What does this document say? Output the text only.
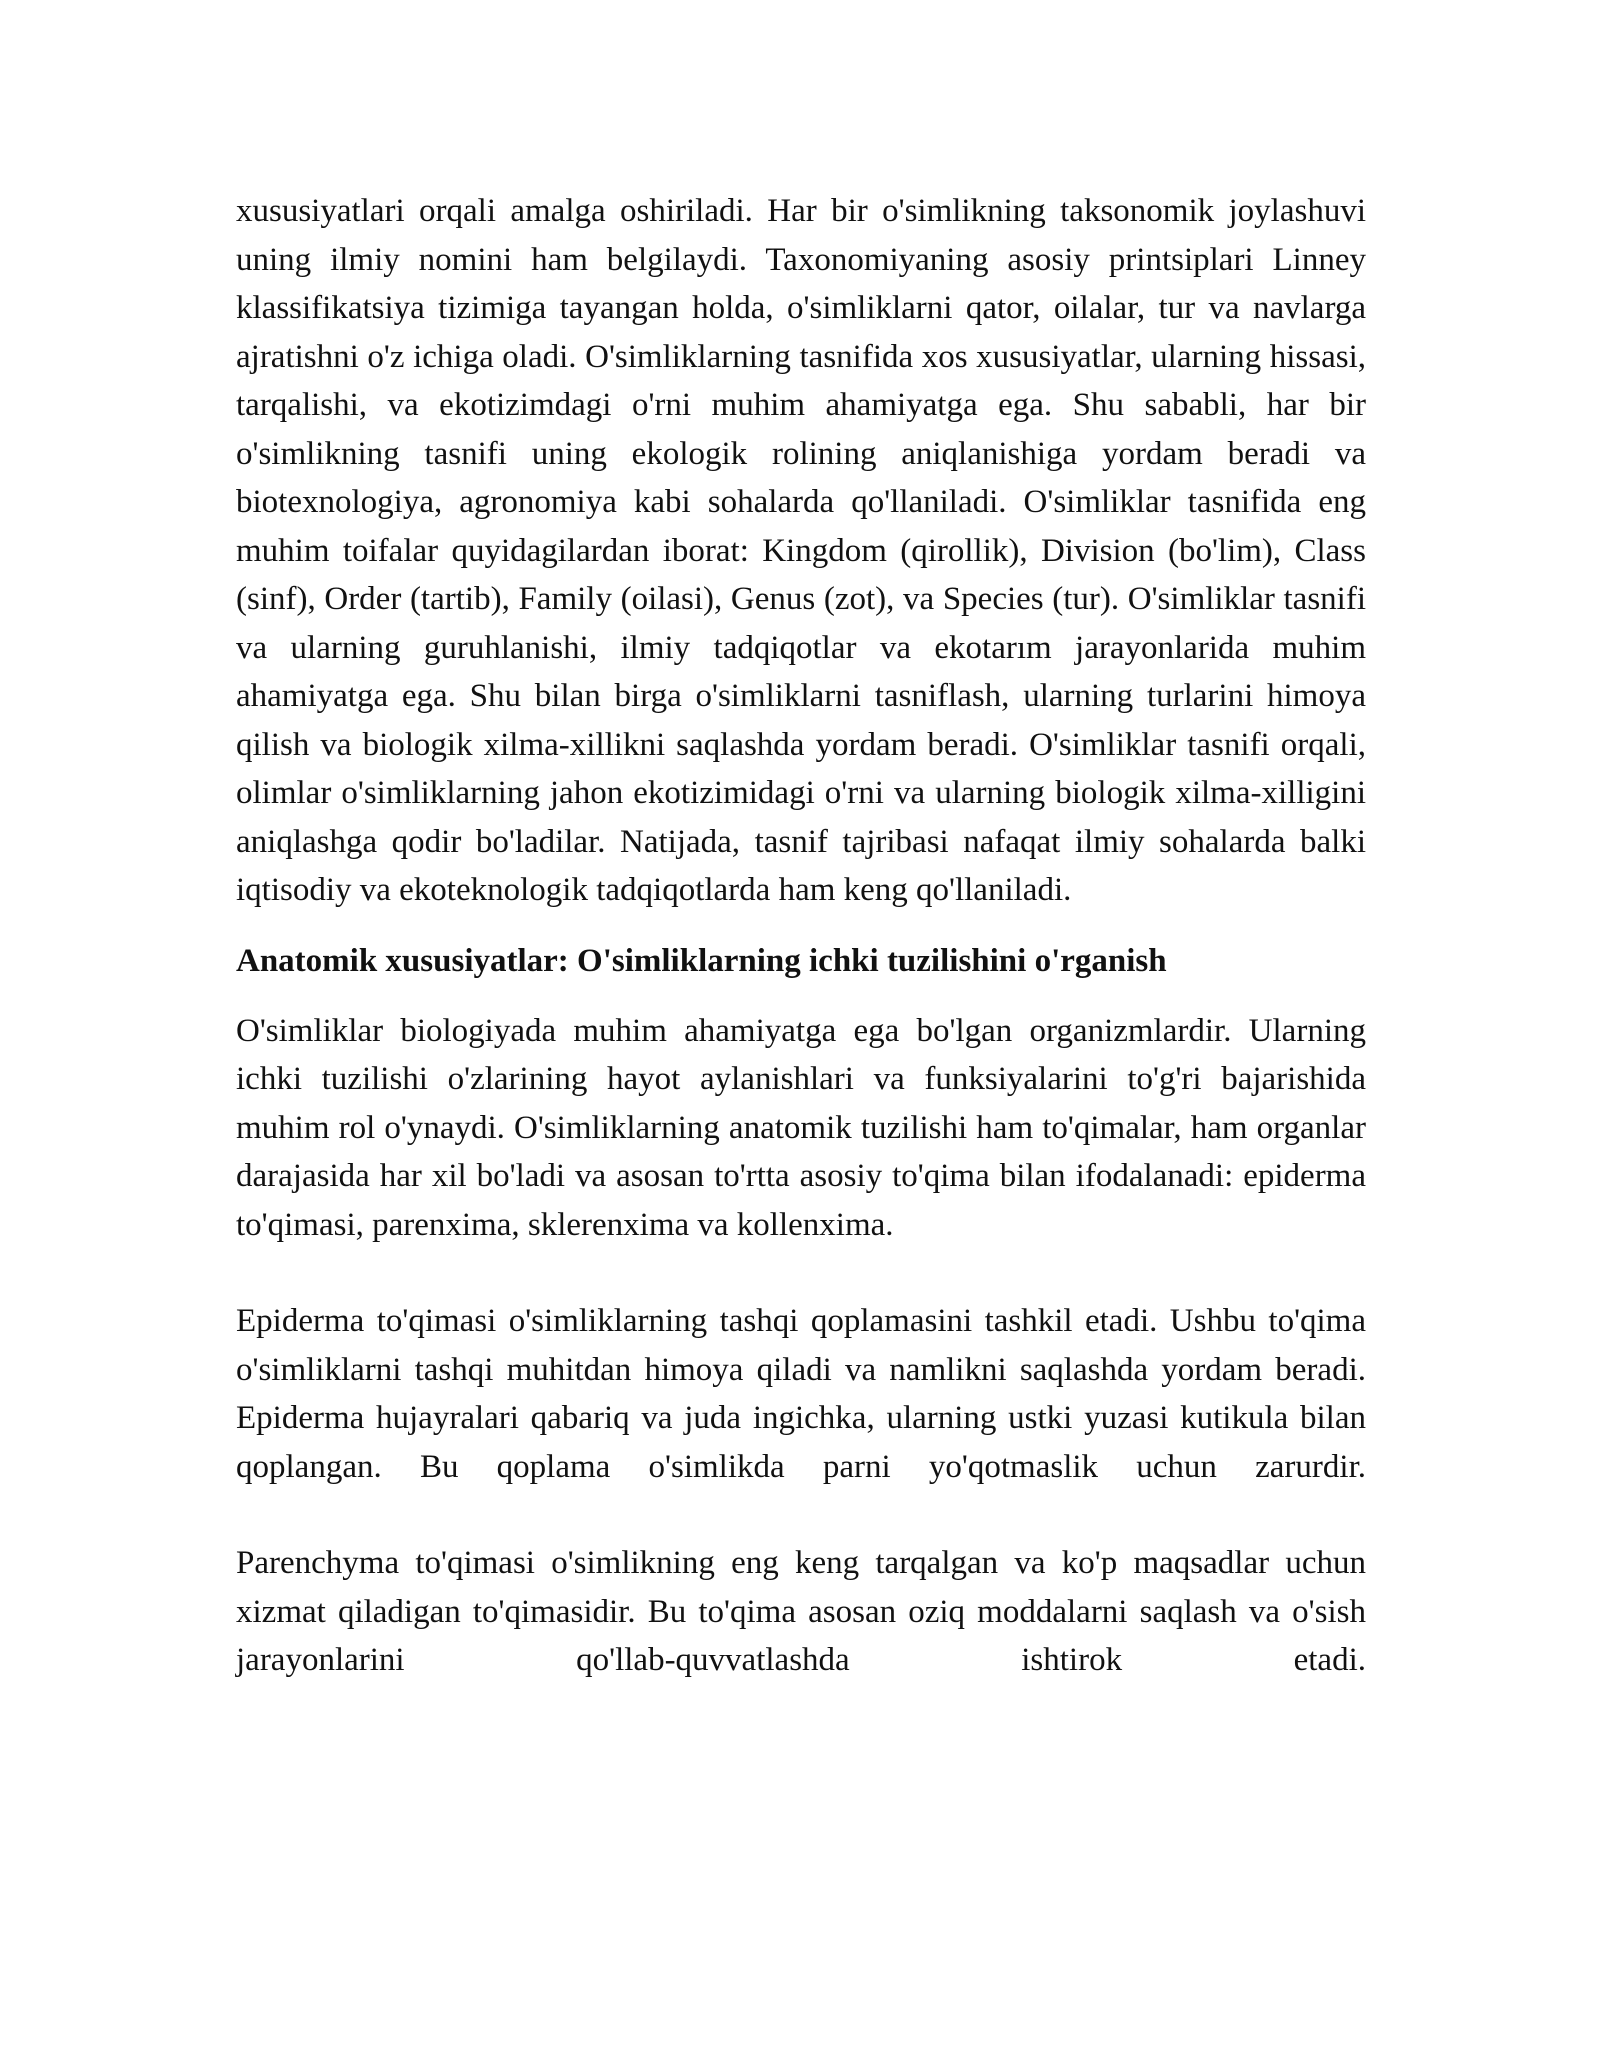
xususiyatlari orqali amalga oshiriladi. Har bir o'simlikning taksonomik joylashuvi uning ilmiy nomini ham belgilaydi. Taxonomiyaning asosiy printsiplari Linney klassifikatsiya tizimiga tayangan holda, o'simliklarni qator, oilalar, tur va navlarga ajratishni o'z ichiga oladi. O'simliklarning tasnifida xos xususiyatlar, ularning hissasi, tarqalishi, va ekotizimdagi o'rni muhim ahamiyatga ega. Shu sababli, har bir o'simlikning tasnifi uning ekologik rolining aniqlanishiga yordam beradi va biotexnologiya, agronomiya kabi sohalarda qo'llaniladi. O'simliklar tasnifida eng muhim toifalar quyidagilardan iborat: Kingdom (qirollik), Division (bo'lim), Class (sinf), Order (tartib), Family (oilasi), Genus (zot), va Species (tur). O'simliklar tasnifi va ularning guruhlanishi, ilmiy tadqiqotlar va ekotarım jarayonlarida muhim ahamiyatga ega. Shu bilan birga o'simliklarni tasniflash, ularning turlarini himoya qilish va biologik xilma-xillikni saqlashda yordam beradi. O'simliklar tasnifi orqali, olimlar o'simliklarning jahon ekotizimidagi o'rni va ularning biologik xilma-xilligini aniqlashga qodir bo'ladilar. Natijada, tasnif tajribasi nafaqat ilmiy sohalarda balki iqtisodiy va ekoteknologik tadqiqotlarda ham keng qo'llaniladi.

Anatomik xususiyatlar: O'simliklarning ichki tuzilishini o'rganish

O'simliklar biologiyada muhim ahamiyatga ega bo'lgan organizmlardir. Ularning ichki tuzilishi o'zlarining hayot aylanishlari va funksiyalarini to'g'ri bajarishida muhim rol o'ynaydi. O'simliklarning anatomik tuzilishi ham to'qimalar, ham organlar darajasida har xil bo'ladi va asosan to'rtta asosiy to'qima bilan ifodalanadi: epiderma to'qimasi, parenxima, sklerenxima va kollenxima.

Epiderma to'qimasi o'simliklarning tashqi qoplamasini tashkil etadi. Ushbu to'qima o'simliklarni tashqi muhitdan himoya qiladi va namlikni saqlashda yordam beradi. Epiderma hujayralari qabariq va juda ingichka, ularning ustki yuzasi kutikula bilan qoplangan. Bu qoplama o'simlikda parni yo'qotmaslik uchun zarurdir.

Parenchyma to'qimasi o'simlikning eng keng tarqalgan va ko'p maqsadlar uchun xizmat qiladigan to'qimasidir. Bu to'qima asosan oziq moddalarni saqlash va o'sish jarayonlarini qo'llab-quvvatlashda ishtirok etadi.
